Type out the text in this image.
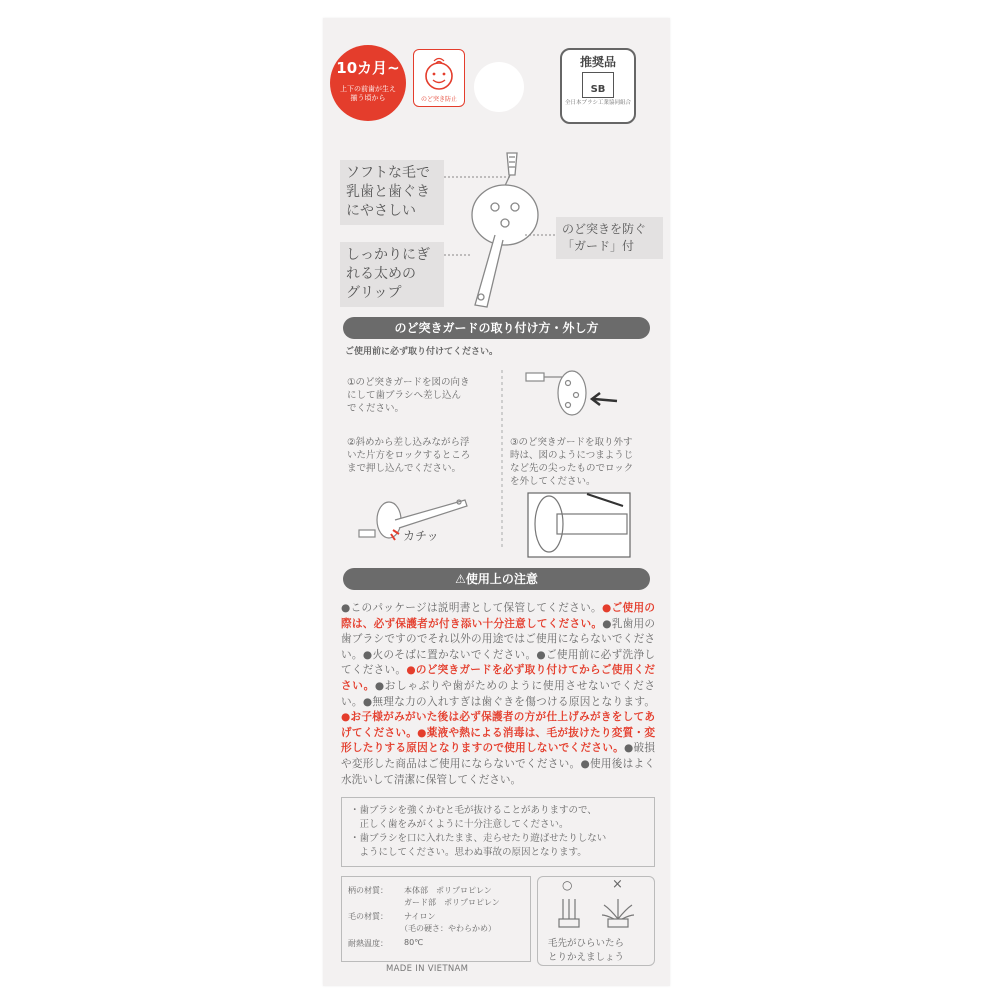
10カ月~
上下の前歯が生え揃う頃から	のど突き防止
推奨品
SB
全日本ブラシ工業協同組合
ソフトな毛で
乳歯と歯ぐき
にやさしい
のど突きを防ぐ
「ガード」付
しっかりにぎ
れる太めの
グリップ
のど突きガードの取り付け方・外し方
ご使用前に必ず取り付けてください。
①のど突きガードを図の向き
にして歯ブラシへ差し込ん
でください。
②斜めから差し込みながら浮
いた片方をロックするところ
まで押し込んでください。
③のど突きガードを取り外す
時は、図のようにつまようじ
など先の尖ったものでロック
を外してください。
カチッ
⚠使用上の注意
●このパッケージは説明書として保管してください。●ご使用の際は、必ず保護者が付き添い十分注意してください。●乳歯用の歯ブラシですのでそれ以外の用途ではご使用にならないでください。●火のそばに置かないでください。●ご使用前に必ず洗浄してください。●のど突きガードを必ず取り付けてからご使用ください。●おしゃぶりや歯がためのように使用させないでください。●無理な力の入れすぎは歯ぐきを傷つける原因となります。●お子様がみがいた後は必ず保護者の方が仕上げみがきをしてあげてください。●薬液や熱による消毒は、毛が抜けたり変質・変形したりする原因となりますので使用しないでください。●破損や変形した商品はご使用にならないでください。●使用後はよく水洗いして清潔に保管してください。
・歯ブラシを強くかむと毛が抜けることがありますので、
　正しく歯をみがくように十分注意してください。
・歯ブラシを口に入れたまま、走らせたり遊ばせたりしない
　ようにしてください。思わぬ事故の原因となります。
柄の材質： 本体部　ポリプロピレン
ガード部　ポリプロピレン
毛の材質： ナイロン
（毛の硬さ：やわらかめ）
耐熱温度： 80℃
○	×
毛先がひらいたら
とりかえましょう
MADE IN VIETNAM
